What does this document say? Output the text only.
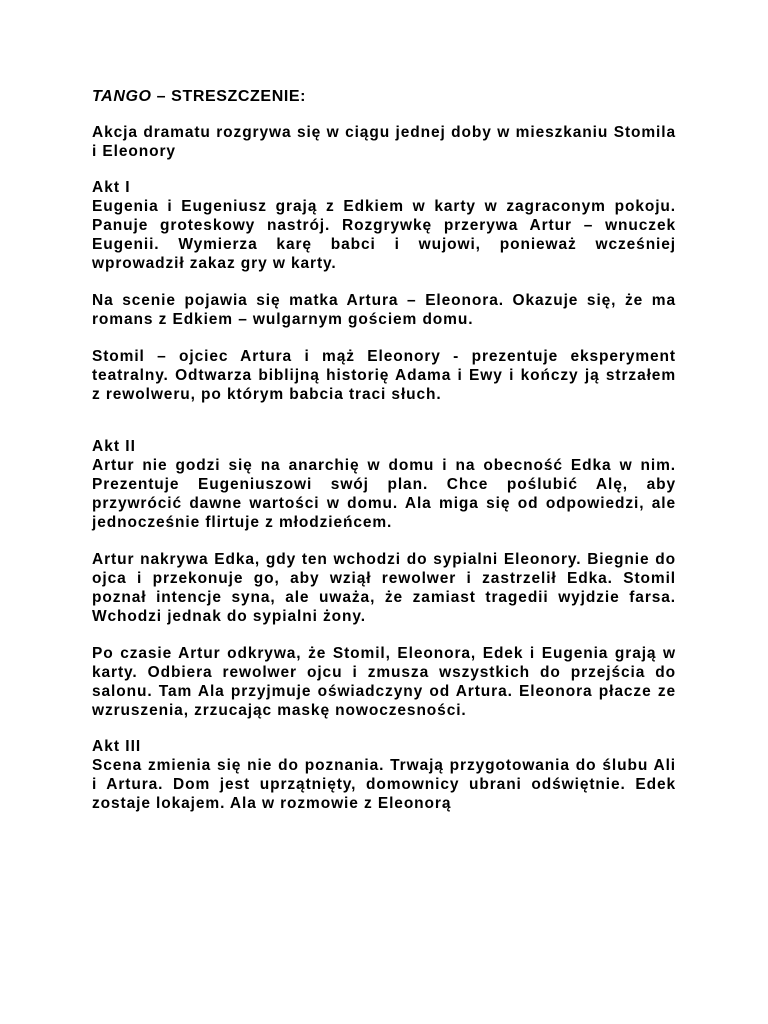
TANGO – STRESZCZENIE:

Akcja dramatu rozgrywa się w ciągu jednej doby w mieszkaniu Stomila i Eleonory

Akt I

Eugenia i Eugeniusz grają z Edkiem w karty w zagraconym pokoju. Panuje groteskowy nastrój. Rozgrywkę przerywa Artur – wnuczek Eugenii. Wymierza karę babci i wujowi, ponieważ wcześniej wprowadził zakaz gry w karty.

Na scenie pojawia się matka Artura – Eleonora. Okazuje się, że ma romans z Edkiem – wulgarnym gościem domu.

Stomil – ojciec Artura i mąż Eleonory - prezentuje eksperyment teatralny. Odtwarza biblijną historię Adama i Ewy i kończy ją strzałem z rewolweru, po którym babcia traci słuch.

Akt II

Artur nie godzi się na anarchię w domu i na obecność Edka w nim. Prezentuje Eugeniuszowi swój plan. Chce poślubić Alę, aby przywrócić dawne wartości w domu. Ala miga się od odpowiedzi, ale jednocześnie flirtuje z młodzieńcem.

Artur nakrywa Edka, gdy ten wchodzi do sypialni Eleonory. Biegnie do ojca i przekonuje go, aby wziął rewolwer i zastrzelił Edka. Stomil poznał intencje syna, ale uważa, że zamiast tragedii wyjdzie farsa. Wchodzi jednak do sypialni żony.

Po czasie Artur odkrywa, że Stomil, Eleonora, Edek i Eugenia grają w karty. Odbiera rewolwer ojcu i zmusza wszystkich do przejścia do salonu. Tam Ala przyjmuje oświadczyny od Artura. Eleonora płacze ze wzruszenia, zrzucając maskę nowoczesności.

Akt III

Scena zmienia się nie do poznania. Trwają przygotowania do ślubu Ali i Artura. Dom jest uprzątnięty, domownicy ubrani odświętnie. Edek zostaje lokajem. Ala w rozmowie z Eleonorą
